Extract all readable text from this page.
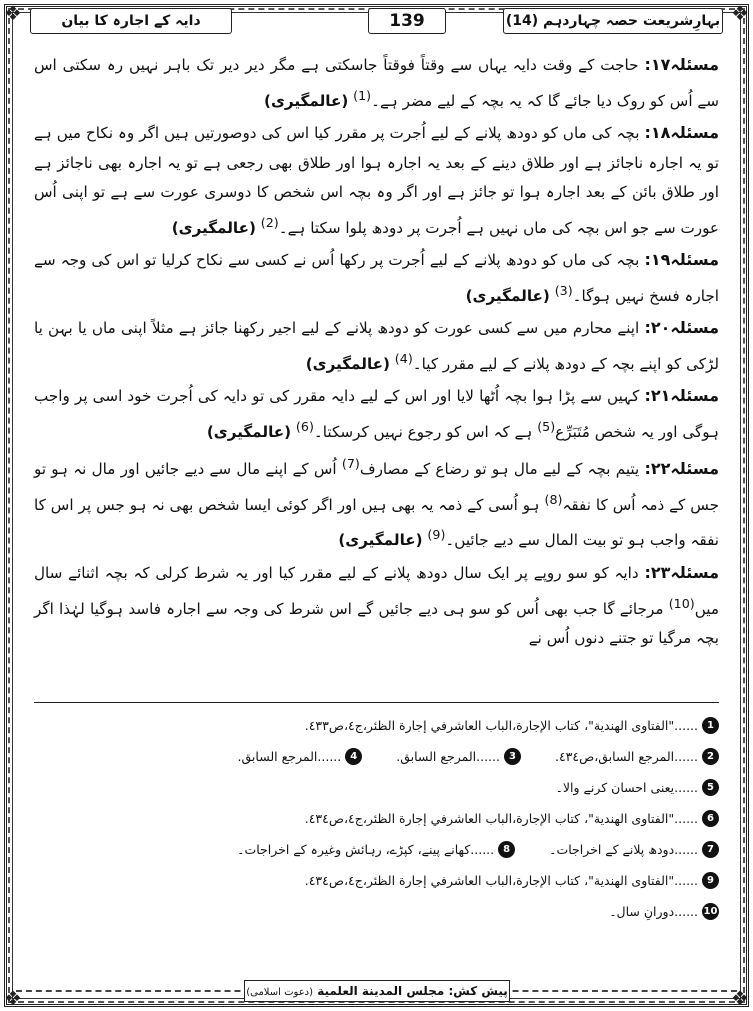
❖	❖
❖	❖
بہارِشریعت حصہ چہاردہم (14)
139
دایہ کے اجارہ کا بیان

مسئلہ۱۷: حاجت کے وقت دایہ یہاں سے وقتاً فوقتاً جاسکتی ہے مگر دیر دیر تک باہر نہیں رہ سکتی اس سے اُس کو روک دیا جائے گا کہ یہ بچہ کے لیے مضر ہے۔$^{(1)}$ (عالمگیری)

مسئلہ۱۸: بچہ کی ماں کو دودھ پلانے کے لیے اُجرت پر مقرر کیا اس کی دوصورتیں ہیں اگر وہ نکاح میں ہے تو یہ اجارہ ناجائز ہے اور طلاق دینے کے بعد یہ اجارہ ہوا اور طلاق بھی رجعی ہے تو یہ اجارہ بھی ناجائز ہے اور طلاق بائن کے بعد اجارہ ہوا تو جائز ہے اور اگر وہ بچہ اس شخص کا دوسری عورت سے ہے تو اپنی اُس عورت سے جو اس بچہ کی ماں نہیں ہے اُجرت پر دودھ پلوا سکتا ہے۔$^{(2)}$ (عالمگیری)

مسئلہ۱۹: بچہ کی ماں کو دودھ پلانے کے لیے اُجرت پر رکھا اُس نے کسی سے نکاح کرلیا تو اس کی وجہ سے اجارہ فسخ نہیں ہوگا۔$^{(3)}$ (عالمگیری)

مسئلہ۲۰: اپنے محارم میں سے کسی عورت کو دودھ پلانے کے لیے اجیر رکھنا جائز ہے مثلاً اپنی ماں یا بہن یا لڑکی کو اپنے بچہ کے دودھ پلانے کے لیے مقرر کیا۔$^{(4)}$ (عالمگیری)

مسئلہ۲۱: کہیں سے پڑا ہوا بچہ اُٹھا لایا اور اس کے لیے دایہ مقرر کی تو دایہ کی اُجرت خود اسی پر واجب ہوگی اور یہ شخص مُتَبَرِّع$^{(5)}$ ہے کہ اس کو رجوع نہیں کرسکتا۔$^{(6)}$ (عالمگیری)

مسئلہ۲۲: یتیم بچہ کے لیے مال ہو تو رضاع کے مصارف$^{(7)}$ اُس کے اپنے مال سے دیے جائیں اور مال نہ ہو تو جس کے ذمہ اُس کا نفقہ$^{(8)}$ ہو اُسی کے ذمہ یہ بھی ہیں اور اگر کوئی ایسا شخص بھی نہ ہو جس پر اس کا نفقہ واجب ہو تو بیت المال سے دیے جائیں۔$^{(9)}$ (عالمگیری)

مسئلہ۲۳: دایہ کو سو روپے پر ایک سال دودھ پلانے کے لیے مقرر کیا اور یہ شرط کرلی کہ بچہ اثنائے سال میں$^{(10)}$ مرجائے گا جب بھی اُس کو سو ہی دیے جائیں گے اس شرط کی وجہ سے اجارہ فاسد ہوگیا لہٰذا اگر بچہ مرگیا تو جتنے دنوں اُس نے

1
......"الفتاوى الهندية"، كتاب الإجارة،الباب العاشرفي إجارة الظئر،ج٤،ص٤٣٣.
2
......المرجع السابق،ص٤٣٤.
3
......المرجع السابق.
4
......المرجع السابق.
5
......یعنی احسان کرنے والا۔
6
......"الفتاوى الهندية"، كتاب الإجارة،الباب العاشرفي إجارة الظئر،ج٤،ص٤٣٤.
7
......دودھ پلانے کے اخراجات۔
8
......کھانے پینے، کپڑے، رہائش وغیرہ کے اخراجات۔
9
......"الفتاوى الهندية"، كتاب الإجارة،الباب العاشرفي إجارة الظئر،ج٤،ص٤٣٤.
10
......دورانِ سال۔
پیش کش: مجلس المدينة العلمية (دعوت اسلامی)
